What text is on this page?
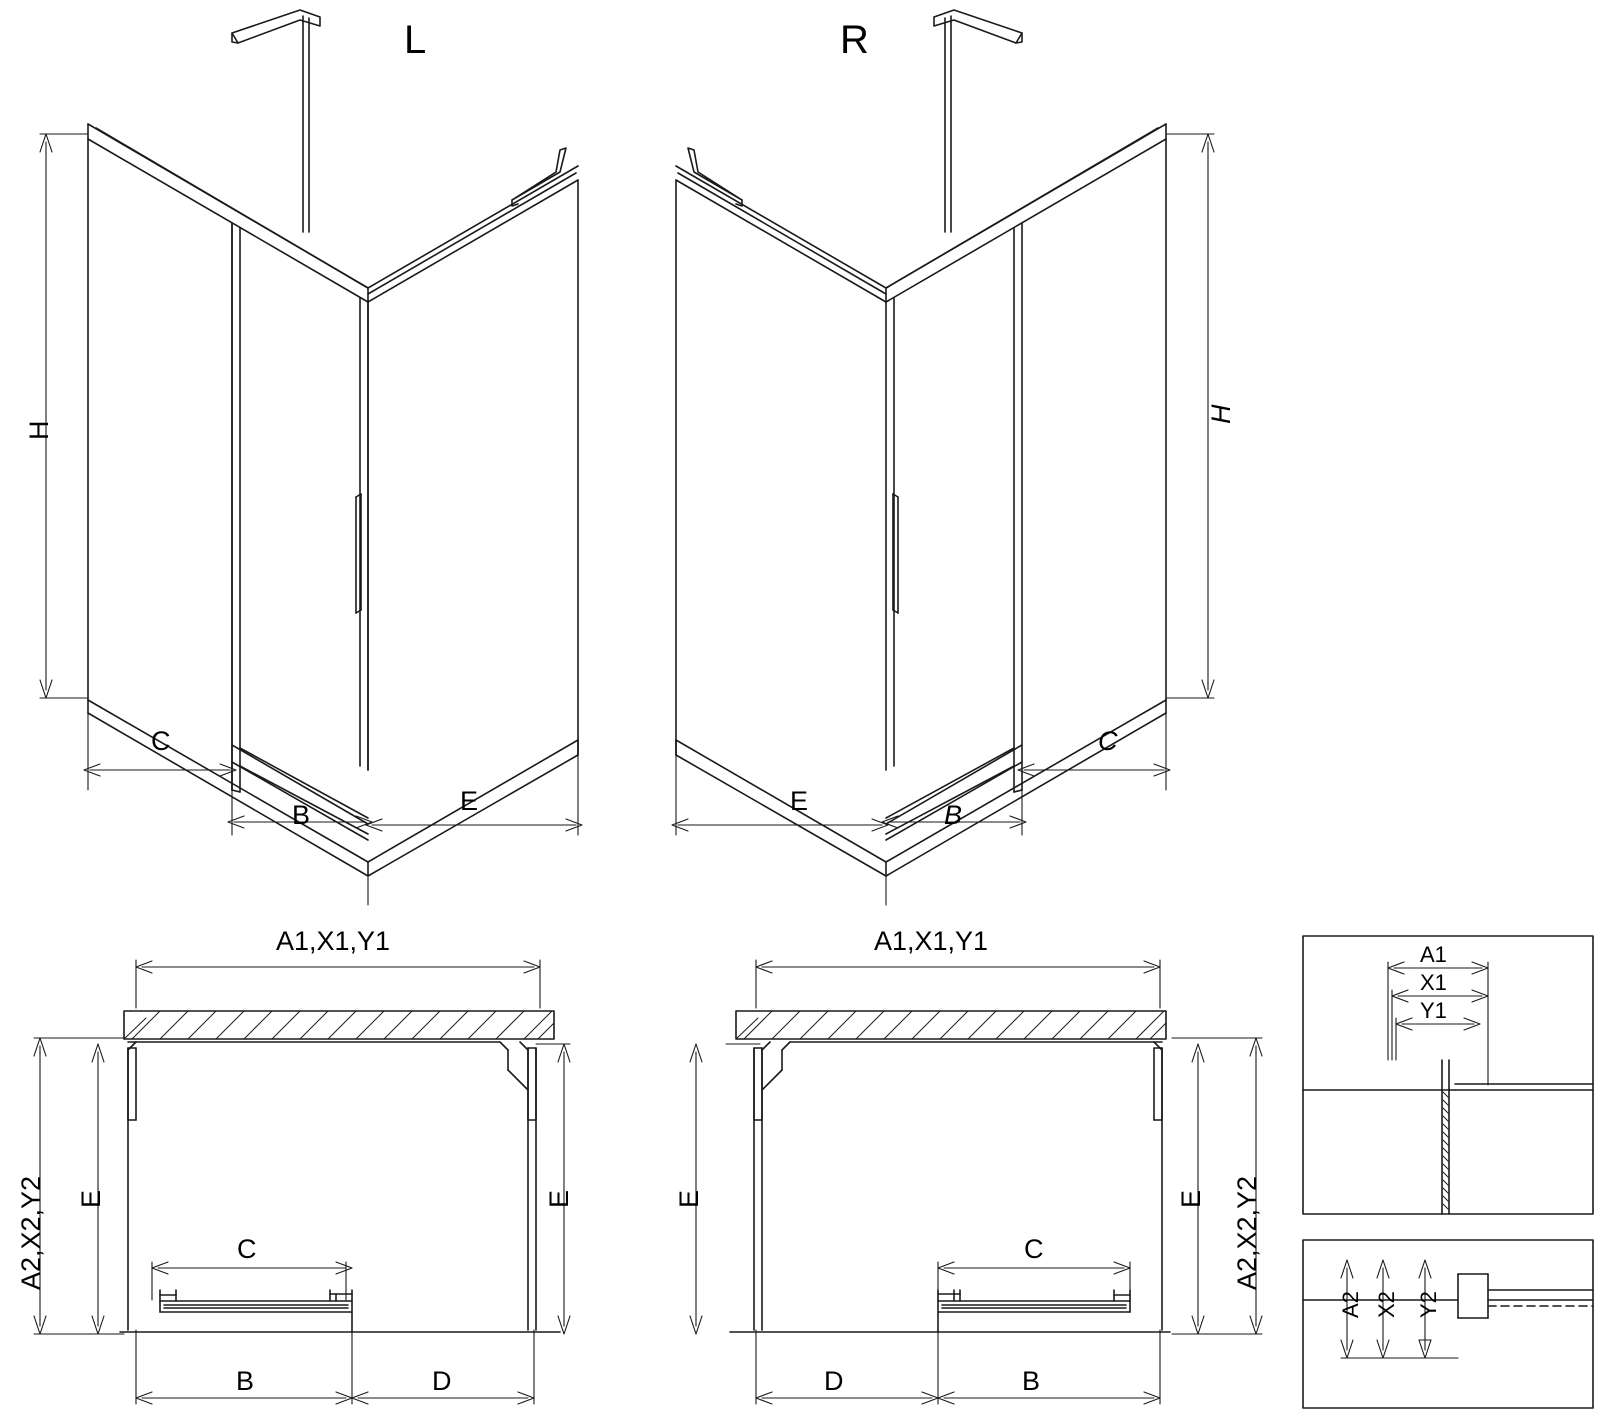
L	R
H
C
B	E
H
C
B
E
A1,X1,Y1
A2,X2,Y2 E	E
C
B	D
A1,X1,Y1
A2,X2,Y2
E	E
C
D	B
A1
X1
Y1
A2 X2 Y2
